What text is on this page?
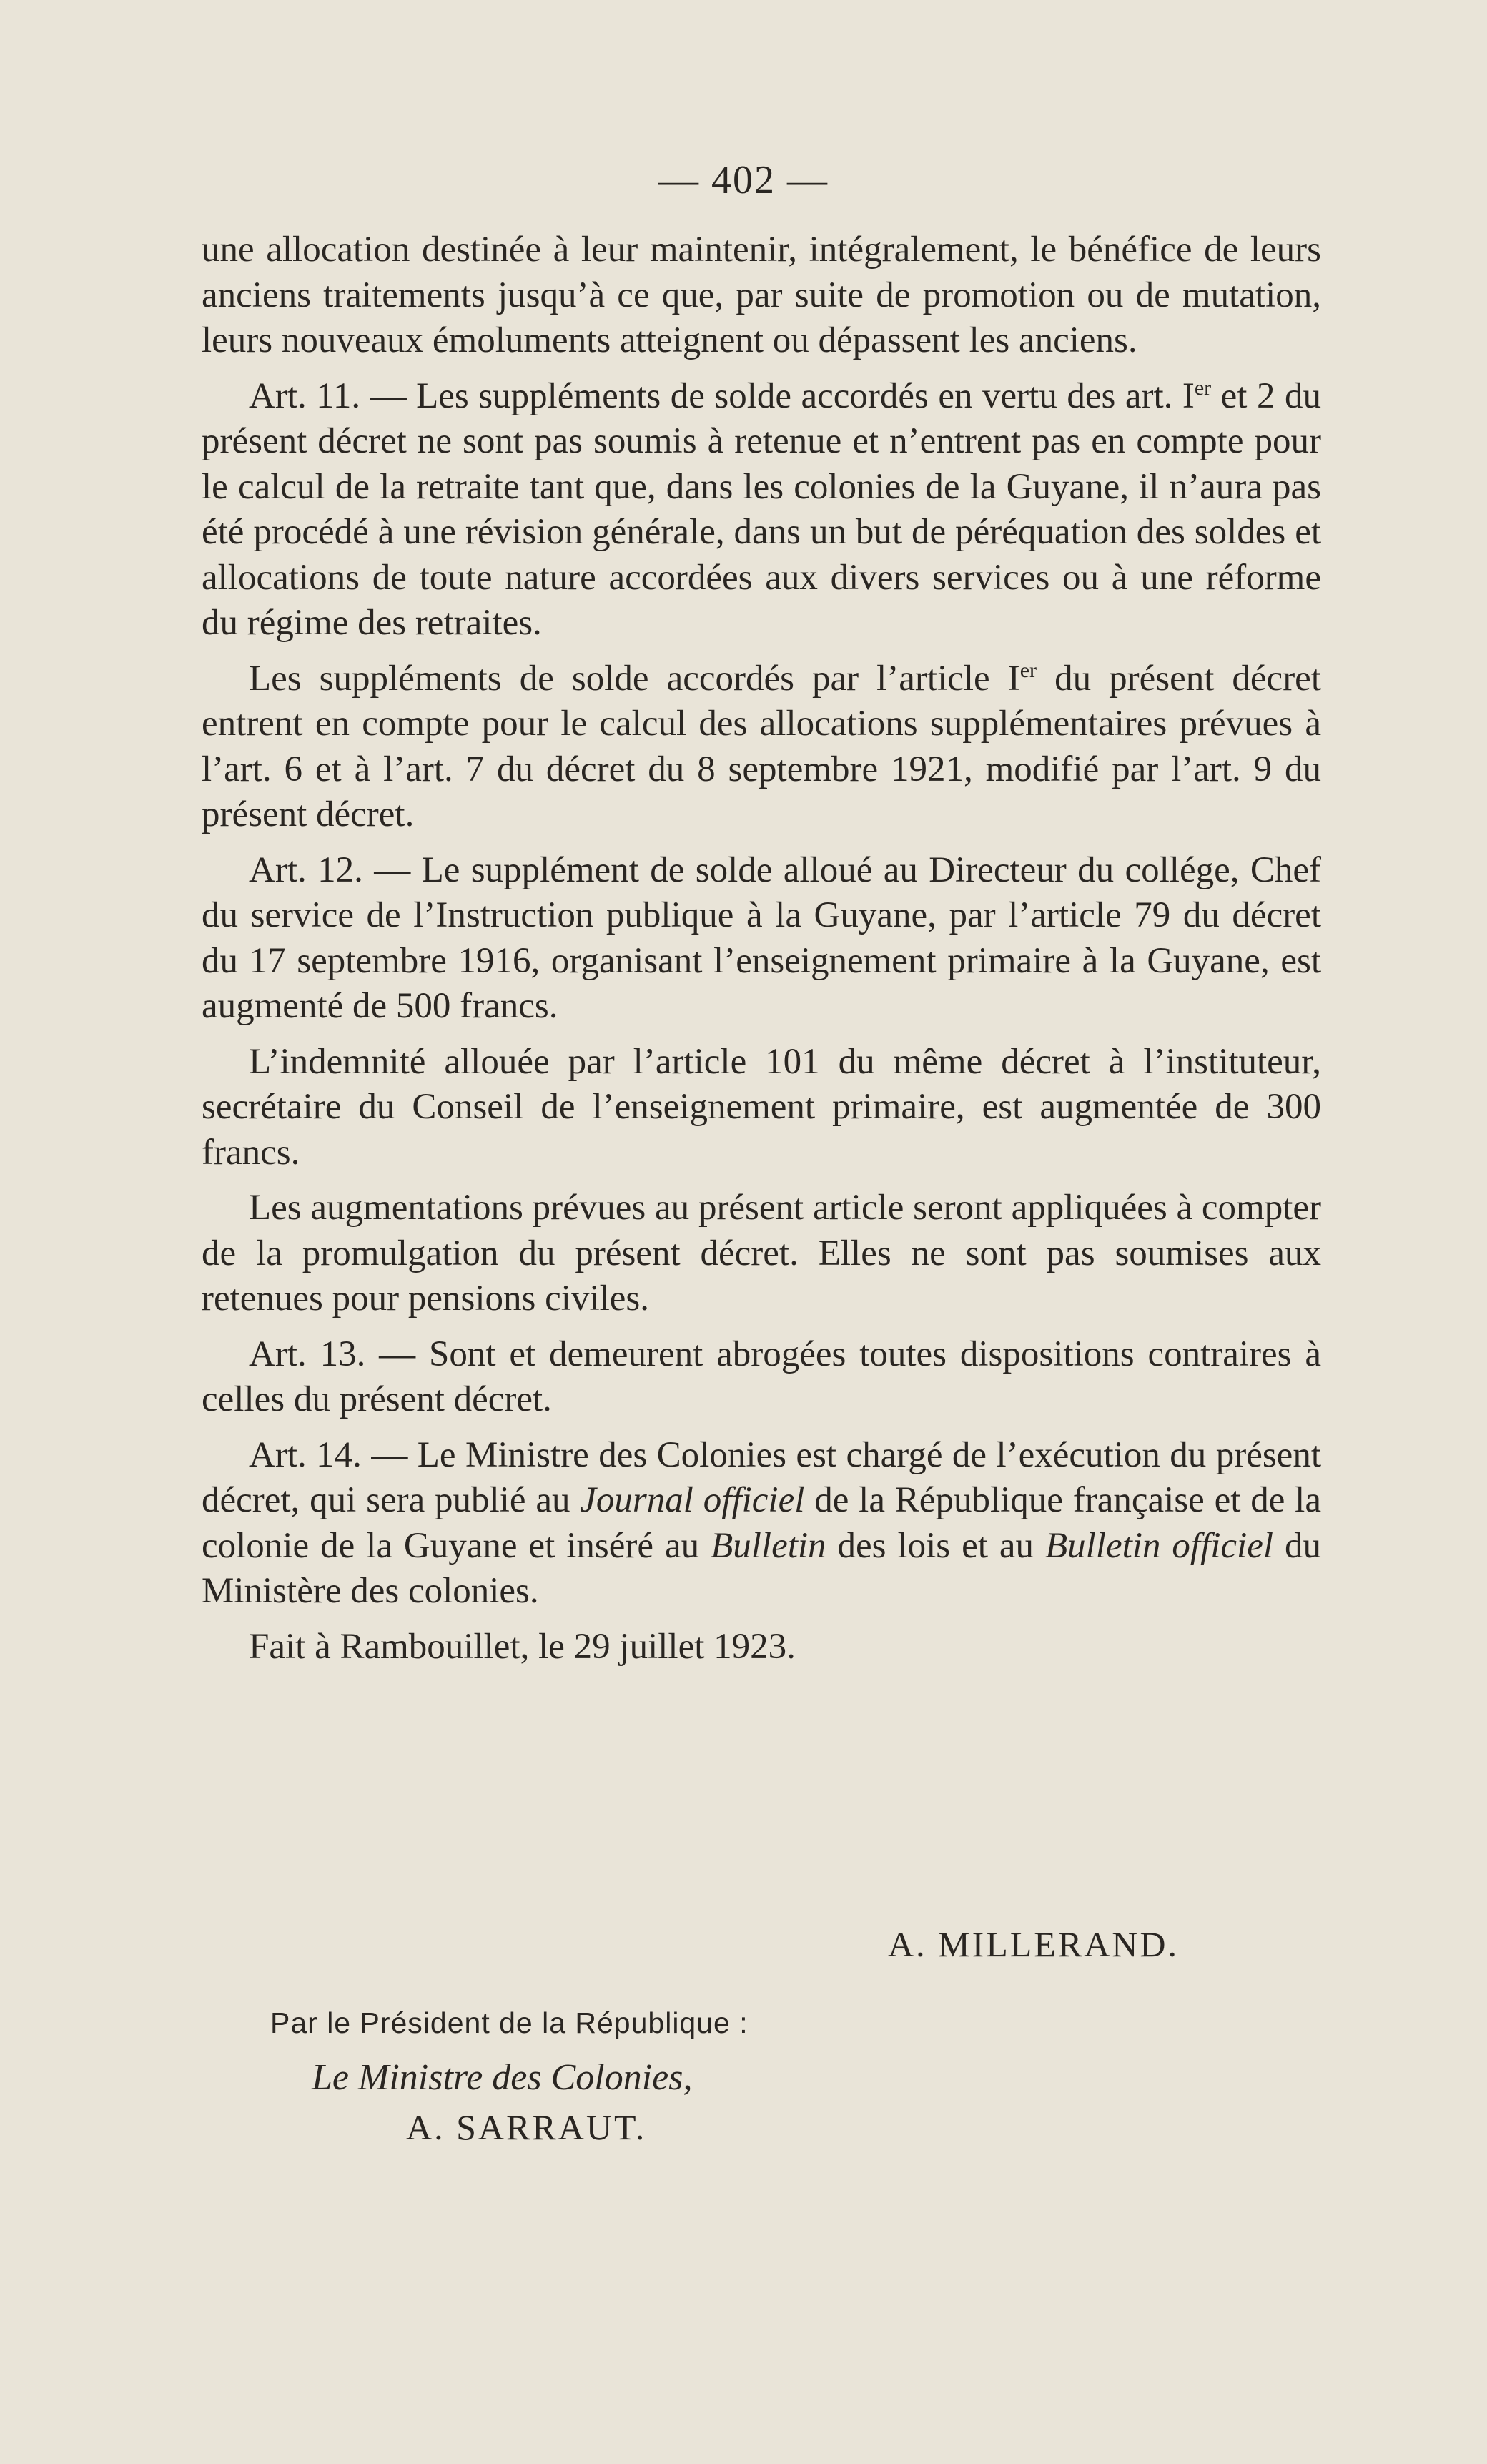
— 402 —

une allocation destinée à leur maintenir, intégralement, le bénéfice de leurs anciens traitements jusqu’à ce que, par suite de promotion ou de mutation, leurs nouveaux émoluments atteignent ou dépassent les anciens.

Art. 11. — Les suppléments de solde accordés en vertu des art. Ier et 2 du présent décret ne sont pas soumis à retenue et n’entrent pas en compte pour le calcul de la retraite tant que, dans les colonies de la Guyane, il n’aura pas été procédé à une révision générale, dans un but de péréquation des soldes et allocations de toute nature accordées aux divers services ou à une réforme du régime des retraites.

Les suppléments de solde accordés par l’article Ier du présent décret entrent en compte pour le calcul des allocations supplémentaires prévues à l’art. 6 et à l’art. 7 du décret du 8 septembre 1921, modifié par l’art. 9 du présent décret.

Art. 12. — Le supplément de solde alloué au Directeur du collége, Chef du service de l’Instruction publique à la Guyane, par l’article 79 du décret du 17 septembre 1916, organisant l’enseignement primaire à la Guyane, est augmenté de 500 francs.

L’indemnité allouée par l’article 101 du même décret à l’instituteur, secrétaire du Conseil de l’enseignement primaire, est augmentée de 300 francs.

Les augmentations prévues au présent article seront appliquées à compter de la promulgation du présent décret. Elles ne sont pas soumises aux retenues pour pensions civiles.

Art. 13. — Sont et demeurent abrogées toutes dispositions contraires à celles du présent décret.

Art. 14. — Le Ministre des Colonies est chargé de l’exécution du présent décret, qui sera publié au Journal officiel de la République française et de la colonie de la Guyane et inséré au Bulletin des lois et au Bulletin officiel du Ministère des colonies.

Fait à Rambouillet, le 29 juillet 1923.

A. MILLERAND.
Par le Président de la République :
Le Ministre des Colonies,
A. SARRAUT.
